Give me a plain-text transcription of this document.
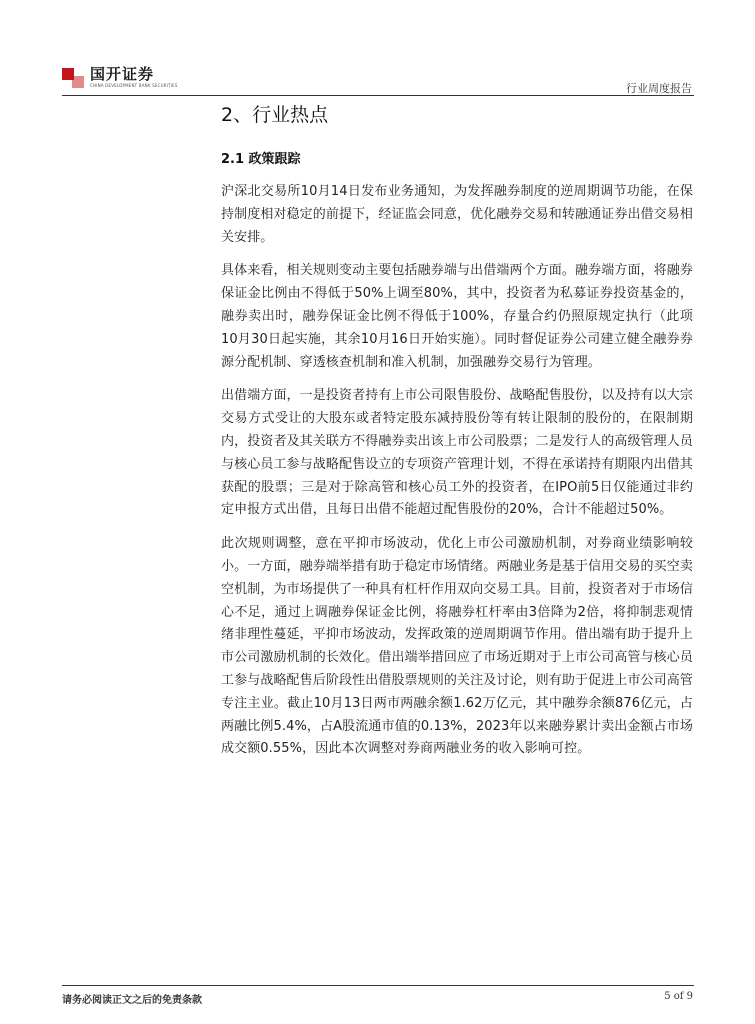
国开证券
CHINA DEVELOPMENT BANK SECURITIES	行业周度报告
2、行业热点
2.1 政策跟踪

沪深北交易所10月14日发布业务通知，为发挥融券制度的逆周期调节功能，在保持制度相对稳定的前提下，经证监会同意，优化融券交易和转融通证券出借交易相关安排。

具体来看，相关规则变动主要包括融券端与出借端两个方面。融券端方面，将融券保证金比例由不得低于50%上调至80%，其中，投资者为私募证券投资基金的，融券卖出时，融券保证金比例不得低于100%，存量合约仍照原规定执行（此项10月30日起实施，其余10月16日开始实施）。同时督促证券公司建立健全融券券源分配机制、穿透核查机制和准入机制，加强融券交易行为管理。

出借端方面，一是投资者持有上市公司限售股份、战略配售股份，以及持有以大宗交易方式受让的大股东或者特定股东减持股份等有转让限制的股份的，在限制期内，投资者及其关联方不得融券卖出该上市公司股票；二是发行人的高级管理人员与核心员工参与战略配售设立的专项资产管理计划，不得在承诺持有期限内出借其获配的股票；三是对于除高管和核心员工外的投资者，在IPO前5日仅能通过非约定申报方式出借，且每日出借不能超过配售股份的20%，合计不能超过50%。

此次规则调整，意在平抑市场波动，优化上市公司激励机制，对券商业绩影响较小。一方面，融券端举措有助于稳定市场情绪。两融业务是基于信用交易的买空卖空机制，为市场提供了一种具有杠杆作用双向交易工具。目前，投资者对于市场信心不足，通过上调融券保证金比例，将融券杠杆率由3倍降为2倍，将抑制悲观情绪非理性蔓延，平抑市场波动，发挥政策的逆周期调节作用。借出端有助于提升上市公司激励机制的长效化。借出端举措回应了市场近期对于上市公司高管与核心员工参与战略配售后阶段性出借股票规则的关注及讨论，则有助于促进上市公司高管专注主业。截止10月13日两市两融余额1.62万亿元，其中融券余额876亿元，占两融比例5.4%，占A股流通市值的0.13%，2023年以来融券累计卖出金额占市场成交额0.55%，因此本次调整对券商两融业务的收入影响可控。

请务必阅读正文之后的免责条款	5 of 9
